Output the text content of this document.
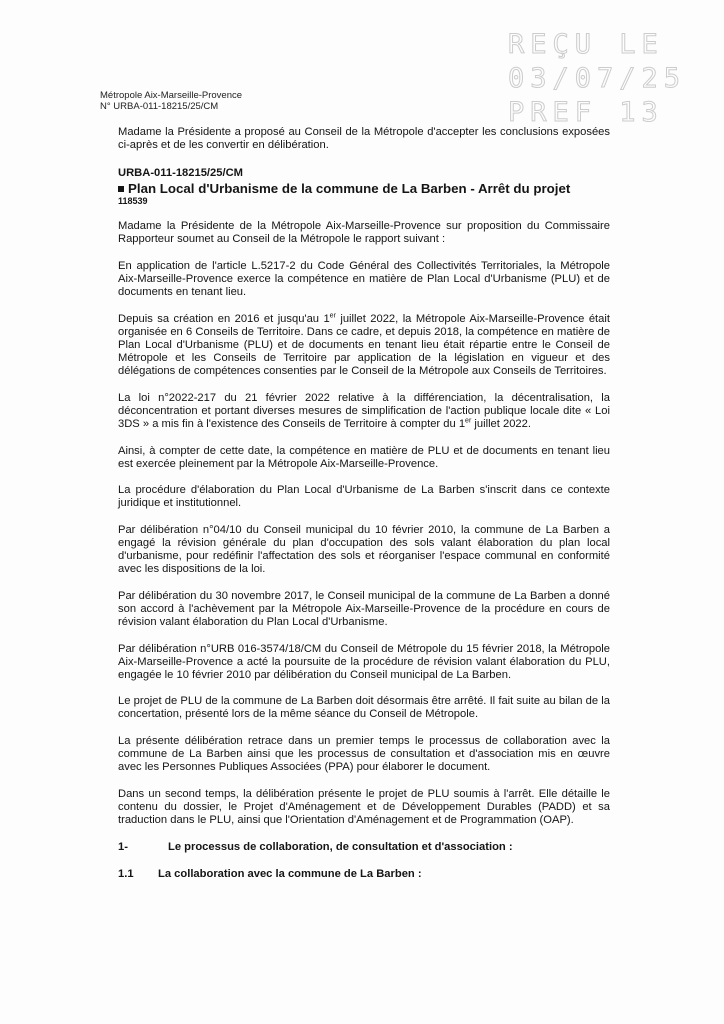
REÇU LE
03/07/25
PREF 13
Métropole Aix-Marseille-Provence
N° URBA-011-18215/25/CM

Madame la Présidente a proposé au Conseil de la Métropole d'accepter les conclusions exposées ci-après et de les convertir en délibération.

URBA-011-18215/25/CM
Plan Local d'Urbanisme de la commune de La Barben - Arrêt du projet
118539

Madame la Présidente de la Métropole Aix-Marseille-Provence sur proposition du Commissaire Rapporteur soumet au Conseil de la Métropole le rapport suivant :

En application de l'article L.5217-2 du Code Général des Collectivités Territoriales, la Métropole Aix-Marseille-Provence exerce la compétence en matière de Plan Local d'Urbanisme (PLU) et de documents en tenant lieu.

Depuis sa création en 2016 et jusqu'au 1er juillet 2022, la Métropole Aix-Marseille-Provence était organisée en 6 Conseils de Territoire. Dans ce cadre, et depuis 2018, la compétence en matière de Plan Local d'Urbanisme (PLU) et de documents en tenant lieu était répartie entre le Conseil de Métropole et les Conseils de Territoire par application de la législation en vigueur et des délégations de compétences consenties par le Conseil de la Métropole aux Conseils de Territoires.

La loi n°2022-217 du 21 février 2022 relative à la différenciation, la décentralisation, la déconcentration et portant diverses mesures de simplification de l'action publique locale dite « Loi 3DS » a mis fin à l'existence des Conseils de Territoire à compter du 1er juillet 2022.

Ainsi, à compter de cette date, la compétence en matière de PLU et de documents en tenant lieu est exercée pleinement par la Métropole Aix-Marseille-Provence.

La procédure d'élaboration du Plan Local d'Urbanisme de La Barben s'inscrit dans ce contexte juridique et institutionnel.

Par délibération n°04/10 du Conseil municipal du 10 février 2010, la commune de La Barben a engagé la révision générale du plan d'occupation des sols valant élaboration du plan local d'urbanisme, pour redéfinir l'affectation des sols et réorganiser l'espace communal en conformité avec les dispositions de la loi.

Par délibération du 30 novembre 2017, le Conseil municipal de la commune de La Barben a donné son accord à l'achèvement par la Métropole Aix-Marseille-Provence de la procédure en cours de révision valant élaboration du Plan Local d'Urbanisme.

Par délibération n°URB 016-3574/18/CM du Conseil de Métropole du 15 février 2018, la Métropole Aix-Marseille-Provence a acté la poursuite de la procédure de révision valant élaboration du PLU, engagée le 10 février 2010 par délibération du Conseil municipal de La Barben.

Le projet de PLU de la commune de La Barben doit désormais être arrêté. Il fait suite au bilan de la concertation, présenté lors de la même séance du Conseil de Métropole.

La présente délibération retrace dans un premier temps le processus de collaboration avec la commune de La Barben ainsi que les processus de consultation et d'association mis en œuvre avec les Personnes Publiques Associées (PPA) pour élaborer le document.

Dans un second temps, la délibération présente le projet de PLU soumis à l'arrêt. Elle détaille le contenu du dossier, le Projet d'Aménagement et de Développement Durables (PADD) et sa traduction dans le PLU, ainsi que l'Orientation d'Aménagement et de Programmation (OAP).

1-	Le processus de collaboration, de consultation et d'association :
1.1	La collaboration avec la commune de La Barben :
